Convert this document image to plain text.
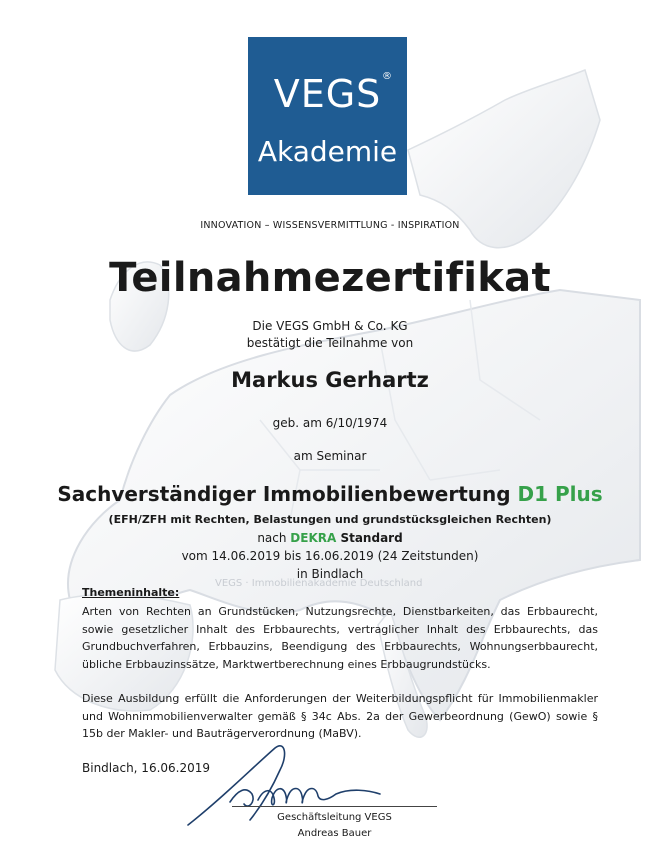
VEGS ®
Akademie
INNOVATION – WISSENSVERMITTLUNG - INSPIRATION
Teilnahmezertifikat
Die VEGS GmbH & Co. KG
bestätigt die Teilnahme von
Markus Gerhartz
geb. am 6/10/1974
am Seminar
Sachverständiger Immobilienbewertung D1 Plus
(EFH/ZFH mit Rechten, Belastungen und grundstücksgleichen Rechten)
nach DEKRA Standard
vom 14.06.2019 bis 16.06.2019 (24 Zeitstunden)
in Bindlach
VEGS · Immobilienakademie Deutschland
Themeninhalte:

Arten von Rechten an Grundstücken, Nutzungsrechte, Dienstbarkeiten, das Erbbaurecht, sowie gesetzlicher Inhalt des Erbbaurechts, vertraglicher Inhalt des Erbbaurechts, das Grundbuchverfahren, Erbbauzins, Beendigung des Erbbaurechts, Wohnungserbbaurecht, übliche Erbbauzinssätze, Marktwertberechnung eines Erbbaugrundstücks.

Diese Ausbildung erfüllt die Anforderungen der Weiterbildungspflicht für Immobilienmakler und Wohnimmobilienverwalter gemäß § 34c Abs. 2a der Gewerbeordnung (GewO) sowie § 15b der Makler- und Bauträgerverordnung (MaBV).

Bindlach, 16.06.2019
Geschäftsleitung VEGS
Andreas Bauer
